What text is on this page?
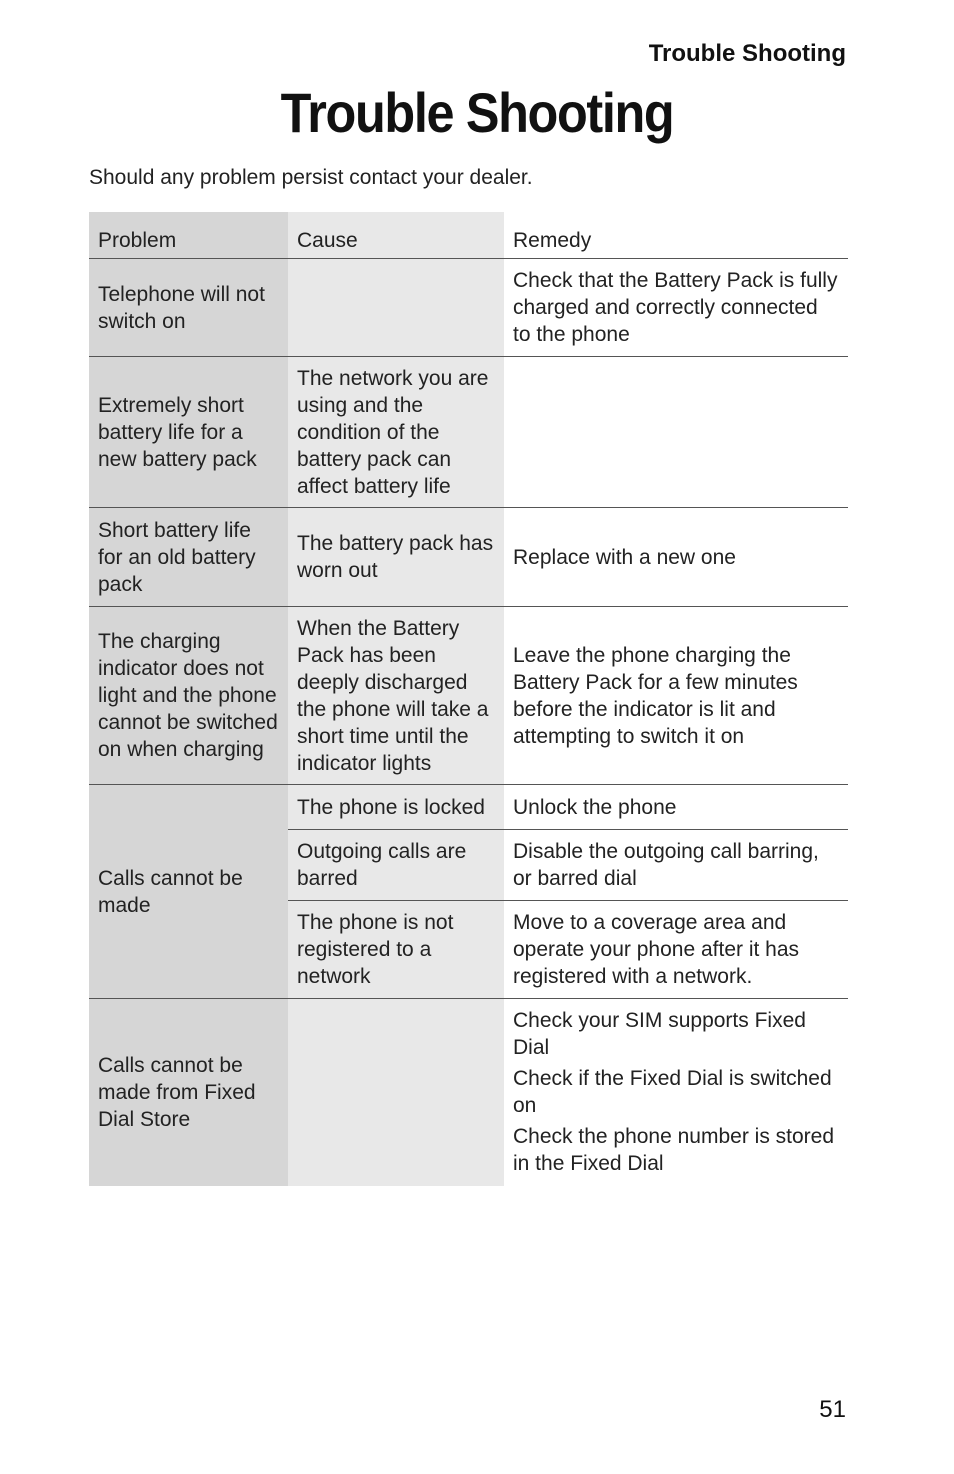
Trouble Shooting
Trouble Shooting
Should any problem persist contact your dealer.
Problem	Cause	Remedy
Telephone will not switch on		Check that the Battery Pack is fully charged and correctly connected to the phone
Extremely short battery life for a new battery pack	The network you are using and the condition of the battery pack can affect battery life	
Short battery life for an old battery pack	The battery pack has worn out	Replace with a new one
The charging indicator does not light and the phone cannot be switched on when charging	When the Battery Pack has been deeply discharged the phone will take a short time until the indicator lights	Leave the phone charging the Battery Pack for a few minutes before the indicator is lit and attempting to switch it on
Calls cannot be made	The phone is locked	Unlock the phone
	Outgoing calls are barred	Disable the outgoing call barring, or barred dial
	The phone is not registered to a network	Move to a coverage area and operate your phone after it has registered with a network.
Calls cannot be made from Fixed Dial Store		Check your SIM supports Fixed Dial
Check if the Fixed Dial is switched on
Check the phone number is stored in the Fixed Dial
51
